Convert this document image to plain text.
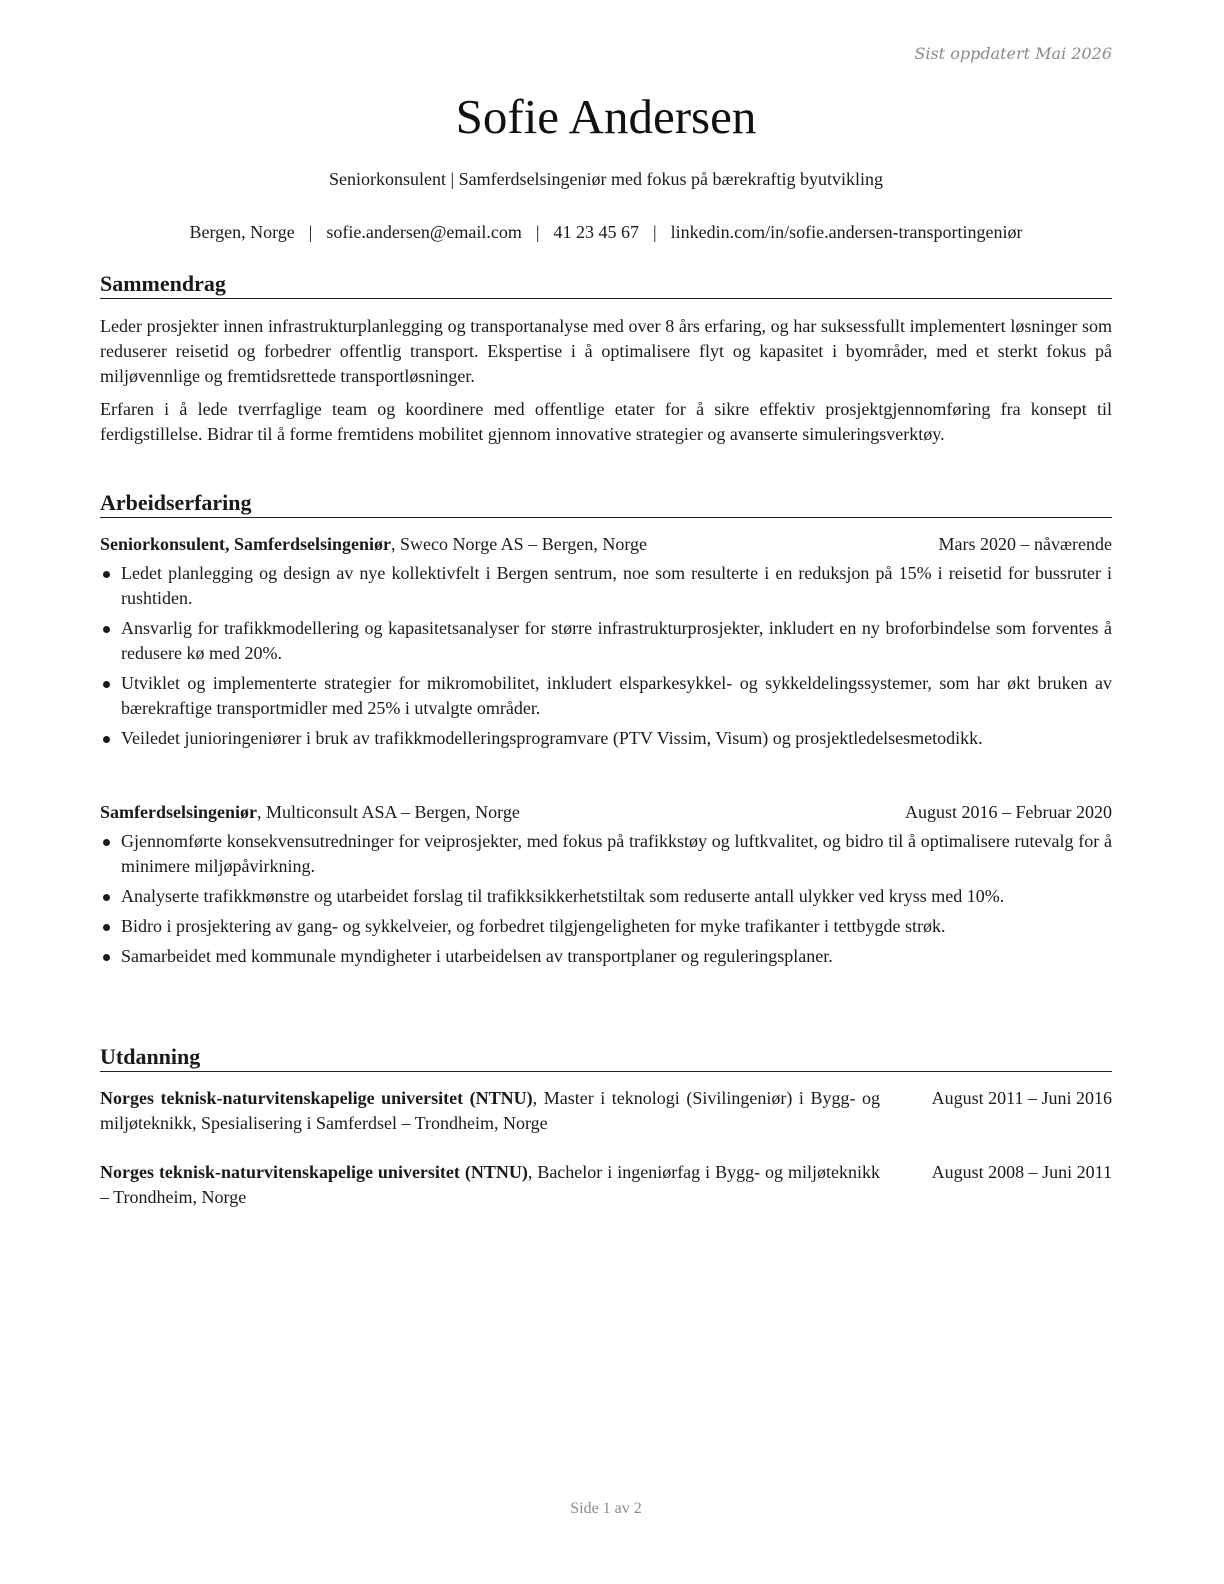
Sist oppdatert Mai 2026
Sofie Andersen
Seniorkonsulent | Samferdselsingeniør med fokus på bærekraftig byutvikling
Bergen, Norge | sofie.andersen@email.com | 41 23 45 67 | linkedin.com/in/sofie.andersen-transportingeniør
Sammendrag

Leder prosjekter innen infrastrukturplanlegging og transportanalyse med over 8 års erfaring, og har suksessfullt implementert løsninger som reduserer reisetid og forbedrer offentlig transport. Ekspertise i å optimalisere flyt og kapasitet i byområder, med et sterkt fokus på miljøvennlige og fremtidsrettede transportløsninger.

Erfaren i å lede tverrfaglige team og koordinere med offentlige etater for å sikre effektiv prosjektgjennomføring fra konsept til ferdigstillelse. Bidrar til å forme fremtidens mobilitet gjennom innovative strategier og avanserte simuleringsverktøy.

Arbeidserfaring
Seniorkonsulent, Samferdselsingeniør, Sweco Norge AS – Bergen, Norge	Mars 2020 – nåværende
Ledet planlegging og design av nye kollektivfelt i Bergen sentrum, noe som resulterte i en reduksjon på 15% i reisetid for bussruter i rushtiden.
Ansvarlig for trafikkmodellering og kapasitetsanalyser for større infrastrukturprosjekter, inkludert en ny broforbindelse som forventes å redusere kø med 20%.
Utviklet og implementerte strategier for mikromobilitet, inkludert elsparkesykkel- og sykkeldelingssystemer, som har økt bruken av bærekraftige transportmidler med 25% i utvalgte områder.
Veiledet junioringeniører i bruk av trafikkmodelleringsprogramvare (PTV Vissim, Visum) og prosjektledelsesmetodikk.
Samferdselsingeniør, Multiconsult ASA – Bergen, Norge	August 2016 – Februar 2020
Gjennomførte konsekvensutredninger for veiprosjekter, med fokus på trafikkstøy og luftkvalitet, og bidro til å optimalisere rutevalg for å minimere miljøpåvirkning.
Analyserte trafikkmønstre og utarbeidet forslag til trafikksikkerhetstiltak som reduserte antall ulykker ved kryss med 10%.
Bidro i prosjektering av gang- og sykkelveier, og forbedret tilgjengeligheten for myke trafikanter i tettbygde strøk.
Samarbeidet med kommunale myndigheter i utarbeidelsen av transportplaner og reguleringsplaner.
Utdanning
Norges teknisk-naturvitenskapelige universitet (NTNU), Master i teknologi (Sivilingeniør) i Bygg- og miljøteknikk, Spesialisering i Samferdsel – Trondheim, Norge
August 2011 – Juni 2016
Norges teknisk-naturvitenskapelige universitet (NTNU), Bachelor i ingeniørfag i Bygg- og miljøteknikk – Trondheim, Norge
August 2008 – Juni 2011
Side 1 av 2
